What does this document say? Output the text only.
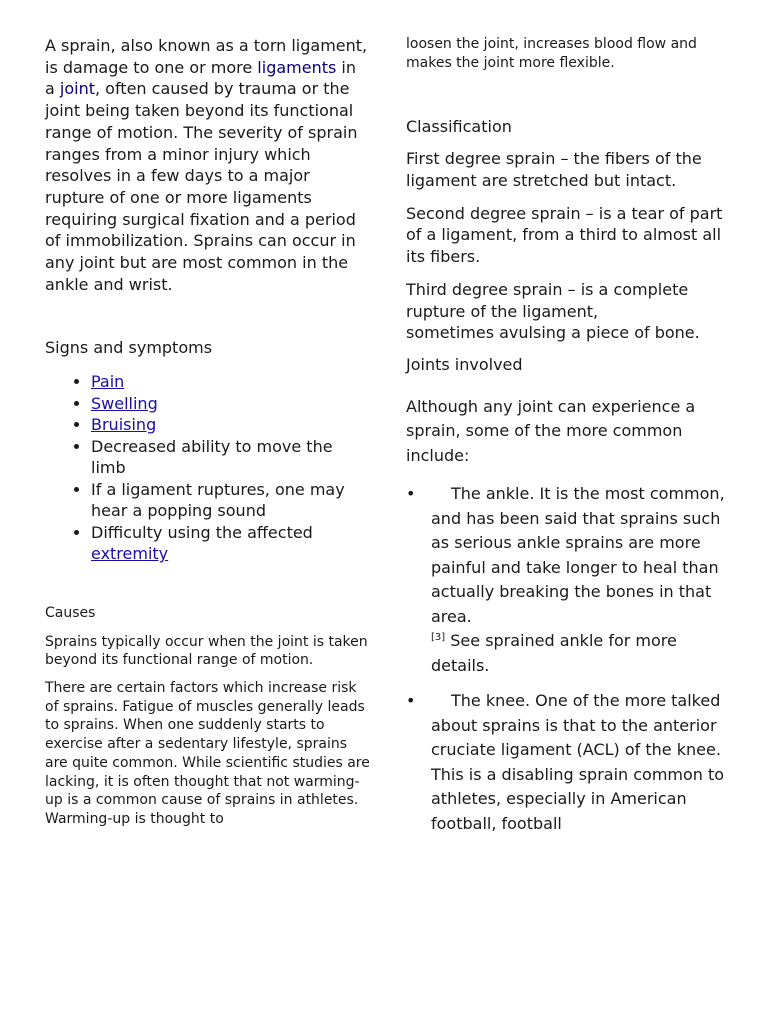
A sprain, also known as a torn ligament, is damage to one or more ligaments in a joint, often caused by trauma or the joint being taken beyond its functional range of motion. The severity of sprain ranges from a minor injury which resolves in a few days to a major rupture of one or more ligaments requiring surgical fixation and a period of immobilization. Sprains can occur in any joint but are most common in the ankle and wrist.

Signs and symptoms

• Pain
• Swelling
• Bruising
• Decreased ability to move the limb
• If a ligament ruptures, one may hear a popping sound
• Difficulty using the affected extremity

Causes

Sprains typically occur when the joint is taken beyond its functional range of motion.

There are certain factors which increase risk of sprains. Fatigue of muscles generally leads to sprains. When one suddenly starts to exercise after a sedentary lifestyle, sprains are quite common. While scientific studies are lacking, it is often thought that not warming-up is a common cause of sprains in athletes. Warming-up is thought to

loosen the joint, increases blood flow and makes the joint more flexible.

Classification

First degree sprain – the fibers of the ligament are stretched but intact.

Second degree sprain – is a tear of part of a ligament, from a third to almost all its fibers.

Third degree sprain – is a complete rupture of the ligament,
sometimes avulsing a piece of bone.

Joints involved

Although any joint can experience a sprain, some of the more common include:

• The ankle. It is the most common, and has been said that sprains such as serious ankle sprains are more painful and take longer to heal than actually breaking the bones in that area.
[3] See sprained ankle for more details.
• The knee. One of the more talked about sprains is that to the anterior cruciate ligament (ACL) of the knee. This is a disabling sprain common to athletes, especially in American football, football
